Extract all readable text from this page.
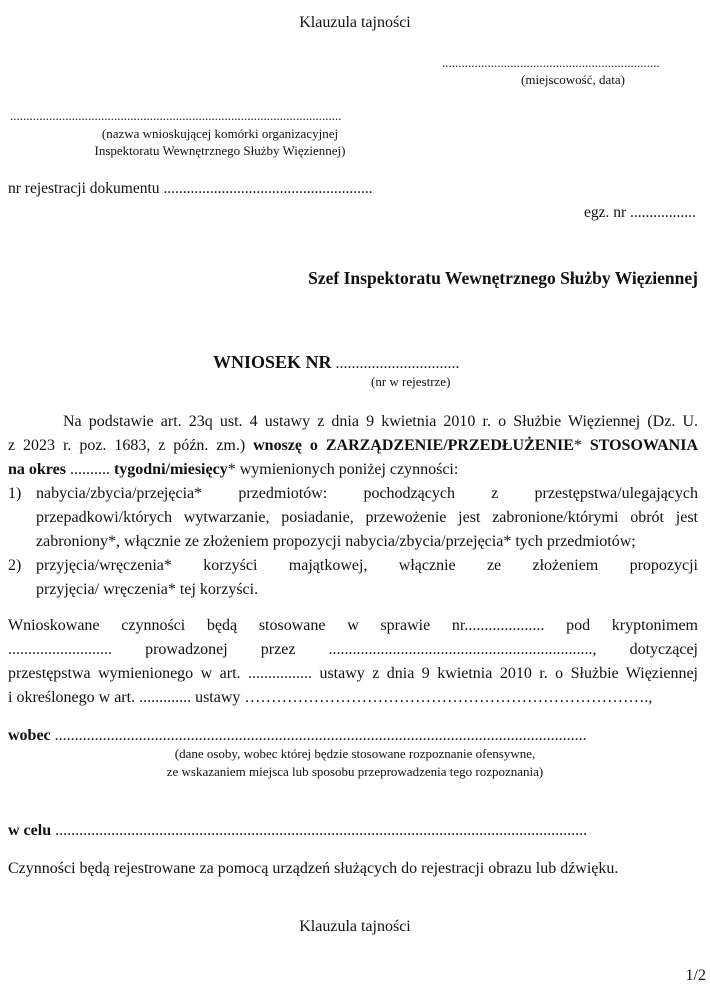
Klauzula tajności
...................................................................
(miejscowość, data)
......................................................................................................
(nazwa wnioskującej komórki organizacyjnej
Inspektoratu Wewnętrznego Służby Więziennej)
nr rejestracji dokumentu ......................................................
egz. nr .................
Szef Inspektoratu Wewnętrznego Służby Więziennej
WNIOSEK NR ...............................
(nr w rejestrze)
Na podstawie art. 23q ust. 4 ustawy z dnia 9 kwietnia 2010 r. o Służbie Więziennej (Dz. U.
z 2023 r. poz. 1683, z późn. zm.) wnoszę o ZARZĄDZENIE/PRZEDŁUŻENIE* STOSOWANIA
na okres .......... tygodni/miesięcy* wymienionych poniżej czynności:
1) nabycia/zbycia/przejęcia* przedmiotów: pochodzących z przestępstwa/ulegających
przepadkowi/których wytwarzanie, posiadanie, przewożenie jest zabronione/którymi obrót jest
zabroniony*, włącznie ze złożeniem propozycji nabycia/zbycia/przejęcia* tych przedmiotów;
2) przyjęcia/wręczenia* korzyści majątkowej, włącznie ze złożeniem propozycji
przyjęcia/ wręczenia* tej korzyści.
Wnioskowane czynności będą stosowane w sprawie nr.................... pod kryptonimem
.......................... prowadzonej przez .................................................................., dotyczącej
przestępstwa wymienionego w art. ................ ustawy z dnia 9 kwietnia 2010 r. o Służbie Więziennej
i określonego w art. ............. ustawy ………………………………………………………………….,
wobec .....................................................................................................................................
(dane osoby, wobec której będzie stosowane rozpoznanie ofensywne,
ze wskazaniem miejsca lub sposobu przeprowadzenia tego rozpoznania)
w celu .....................................................................................................................................
Czynności będą rejestrowane za pomocą urządzeń służących do rejestracji obrazu lub dźwięku.
Klauzula tajności
1/2
